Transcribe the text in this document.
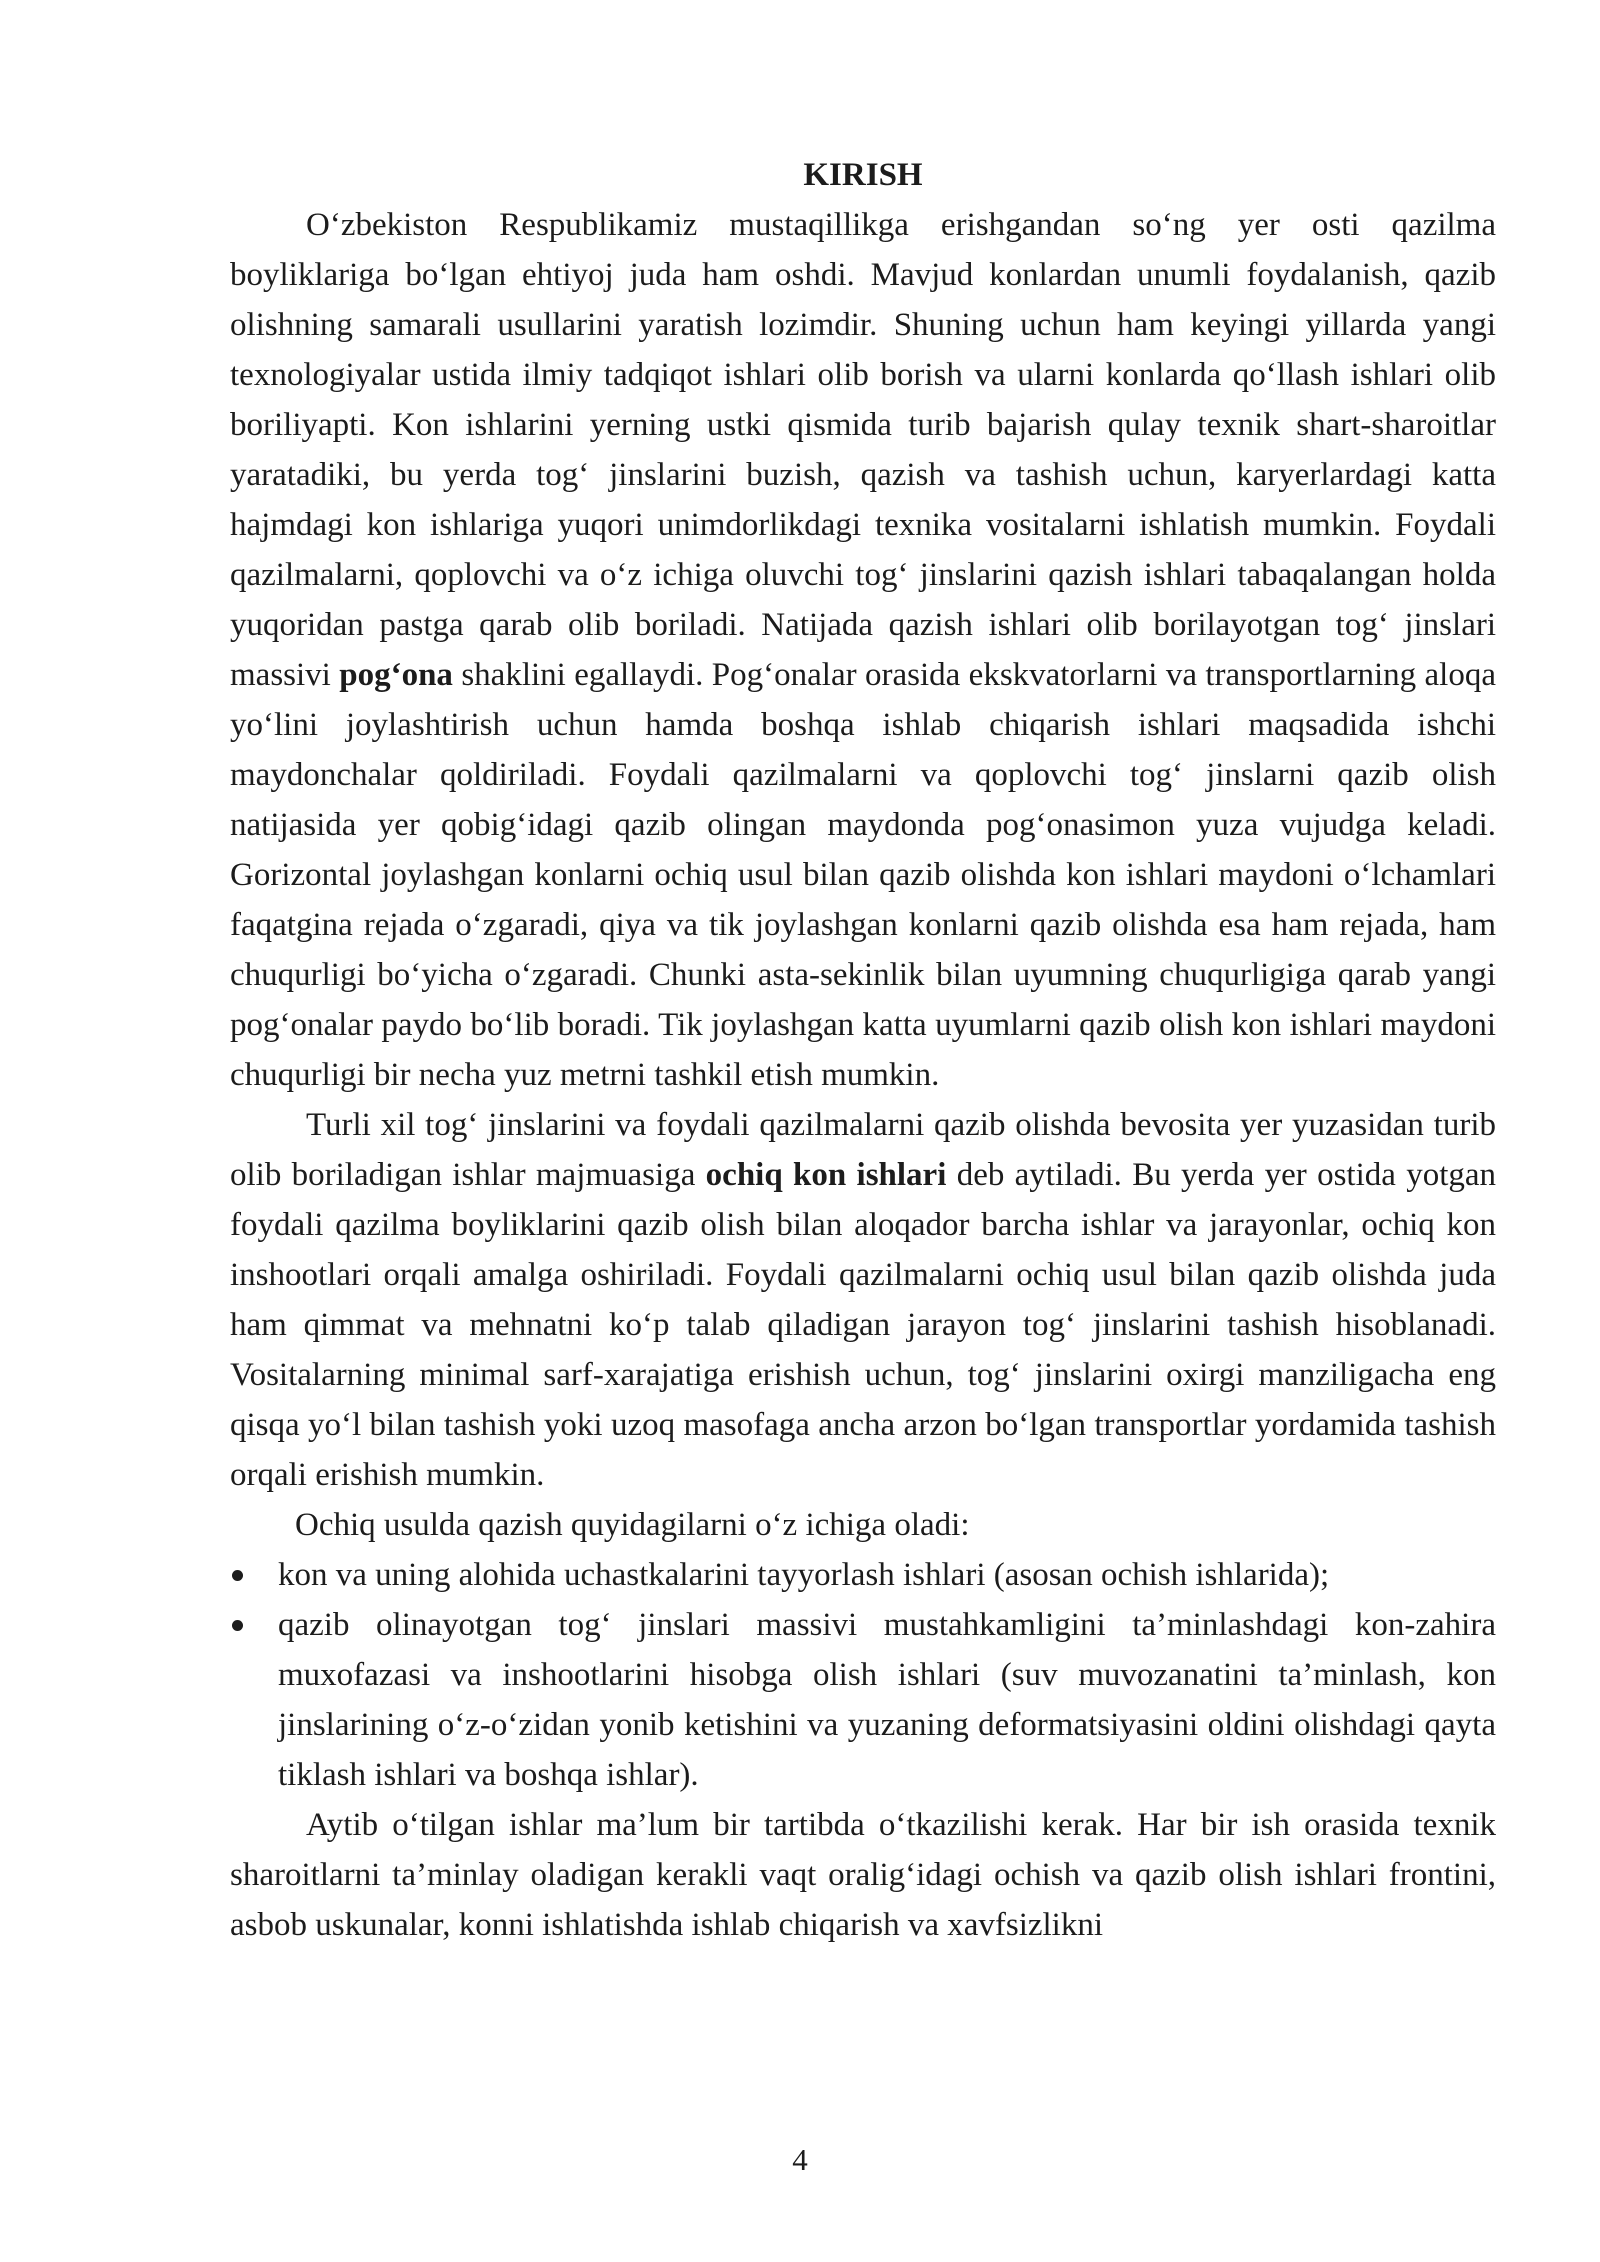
KIRISH

O‘zbekiston Respublikamiz mustaqillikga erishgandan so‘ng yer osti qazilma boyliklariga bo‘lgan ehtiyoj juda ham oshdi. Mavjud konlardan unumli foydalanish, qazib olishning samarali usullarini yaratish lozimdir. Shuning uchun ham keyingi yillarda yangi texnologiyalar ustida ilmiy tadqiqot ishlari olib borish va ularni konlarda qo‘llash ishlari olib boriliyapti. Kon ishlarini yerning ustki qismida turib bajarish qulay texnik shart-sharoitlar yaratadiki, bu yerda tog‘ jinslarini buzish, qazish va tashish uchun, karyerlardagi katta hajmdagi kon ishlariga yuqori unimdorlikdagi texnika vositalarni ishlatish mumkin. Foydali qazilmalarni, qoplovchi va o‘z ichiga oluvchi tog‘ jinslarini qazish ishlari tabaqalangan holda yuqoridan pastga qarab olib boriladi. Natijada qazish ishlari olib borilayotgan tog‘ jinslari massivi pog‘ona shaklini egallaydi. Pog‘onalar orasida ekskvatorlarni va transportlarning aloqa yo‘lini joylashtirish uchun hamda boshqa ishlab chiqarish ishlari maqsadida ishchi maydonchalar qoldiriladi. Foydali qazilmalarni va qoplovchi tog‘ jinslarni qazib olish natijasida yer qobig‘idagi qazib olingan maydonda pog‘onasimon yuza vujudga keladi. Gorizontal joylashgan konlarni ochiq usul bilan qazib olishda kon ishlari maydoni o‘lchamlari faqatgina rejada o‘zgaradi, qiya va tik joylashgan konlarni qazib olishda esa ham rejada, ham chuqurligi bo‘yicha o‘zgaradi. Chunki asta-sekinlik bilan uyumning chuqurligiga qarab yangi pog‘onalar paydo bo‘lib boradi. Tik joylashgan katta uyumlarni qazib olish kon ishlari maydoni chuqurligi bir necha yuz metrni tashkil etish mumkin.

Turli xil tog‘ jinslarini va foydali qazilmalarni qazib olishda bevosita yer yuzasidan turib olib boriladigan ishlar majmuasiga ochiq kon ishlari deb aytiladi. Bu yerda yer ostida yotgan foydali qazilma boyliklarini qazib olish bilan aloqador barcha ishlar va jarayonlar, ochiq kon inshootlari orqali amalga oshiriladi. Foydali qazilmalarni ochiq usul bilan qazib olishda juda ham qimmat va mehnatni ko‘p talab qiladigan jarayon tog‘ jinslarini tashish hisoblanadi. Vositalarning minimal sarf-xarajatiga erishish uchun, tog‘ jinslarini oxirgi manziligacha eng qisqa yo‘l bilan tashish yoki uzoq masofaga ancha arzon bo‘lgan transportlar yordamida tashish orqali erishish mumkin.

Ochiq usulda qazish quyidagilarni o‘z ichiga oladi:

kon va uning alohida uchastkalarini tayyorlash ishlari (asosan ochish ishlarida);
qazib olinayotgan tog‘ jinslari massivi mustahkamligini ta’minlashdagi kon-zahira muxofazasi va inshootlarini hisobga olish ishlari (suv muvozanatini ta’minlash, kon jinslarining o‘z-o‘zidan yonib ketishini va yuzaning deformatsiyasini oldini olishdagi qayta tiklash ishlari va boshqa ishlar).

Aytib o‘tilgan ishlar ma’lum bir tartibda o‘tkazilishi kerak. Har bir ish orasida texnik sharoitlarni ta’minlay oladigan kerakli vaqt oralig‘idagi ochish va qazib olish ishlari frontini, asbob uskunalar, konni ishlatishda ishlab chiqarish va xavfsizlikni

4
